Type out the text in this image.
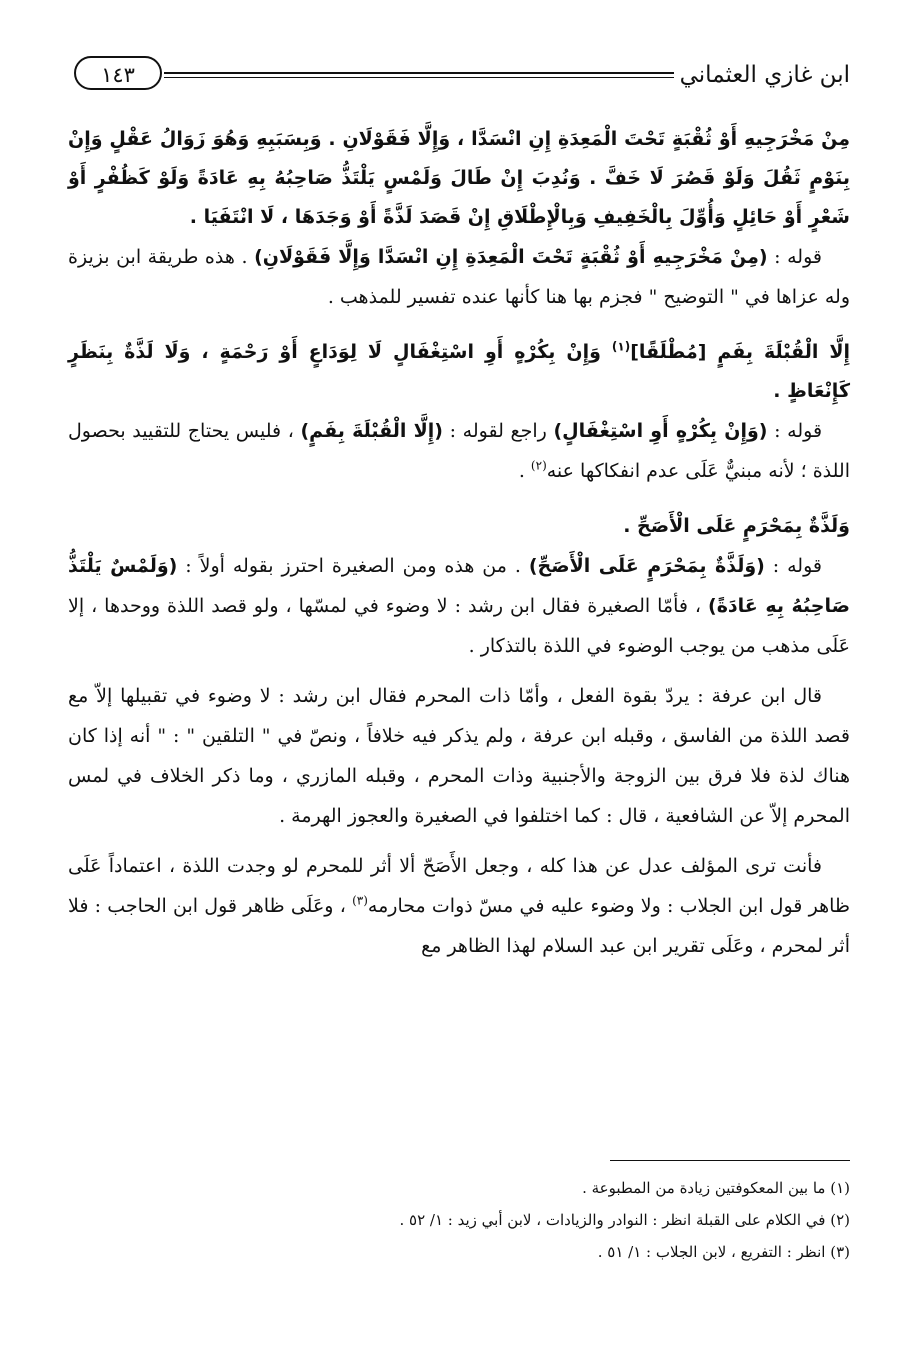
ابن غازي العثماني
١٤٣

مِنْ مَخْرَجِيهِ أَوْ ثُقْبَةٍ تَحْتَ الْمَعِدَةِ إِنِ انْسَدَّا ، وَإِلَّا فَقَوْلَانِ . وَبِسَبَبِهِ وَهُوَ زَوَالُ عَقْلٍ وَإِنْ بِنَوْمٍ ثَقُلَ وَلَوْ قَصُرَ لَا خَفَّ . وَنُدِبَ إِنْ طَالَ وَلَمْسٍ يَلْتَذُّ صَاحِبُهُ بِهِ عَادَةً وَلَوْ كَظُفْرٍ أَوْ شَعْرٍ أَوْ حَائِلٍ وَأُوِّلَ بِالْخَفِيفِ وَبِالْإِطْلَاقِ إِنْ قَصَدَ لَذَّةً أَوْ وَجَدَهَا ، لَا انْتَفَيَا .

قوله : (مِنْ مَخْرَجِيهِ أَوْ ثُقْبَةٍ تَحْتَ الْمَعِدَةِ إِنِ انْسَدَّا وَإِلَّا فَقَوْلَانِ) . هذه طريقة ابن بزيزة وله عزاها في " التوضيح " فجزم بها هنا كأنها عنده تفسير للمذهب .

إِلَّا الْقُبْلَةَ بِفَمٍ [مُطْلَقًا]$^{(١)}$ وَإِنْ بِكُرْهٍ أَوِ اسْتِغْفَالٍ لَا لِوَدَاعٍ أَوْ رَحْمَةٍ ، وَلَا لَذَّةٌ بِنَظَرٍ كَإِنْعَاظٍ .

قوله : (وَإِنْ بِكُرْهٍ أَوِ اسْتِغْفَالٍ) راجع لقوله : (إِلَّا الْقُبْلَةَ بِفَمٍ) ، فليس يحتاج للتقييد بحصول اللذة ؛ لأنه مبنيٌّ عَلَى عدم انفكاكها عنه$^{(٢)}$ .

وَلَذَّةٌ بِمَحْرَمٍ عَلَى الْأَصَحِّ .

قوله : (وَلَذَّةٌ بِمَحْرَمٍ عَلَى الْأَصَحِّ) . من هذه ومن الصغيرة احترز بقوله أولاً : (وَلَمْسٌ يَلْتَذُّ صَاحِبُهُ بِهِ عَادَةً) ، فأمّا الصغيرة فقال ابن رشد : لا وضوء في لمسّها ، ولو قصد اللذة ووحدها ، إلا عَلَى مذهب من يوجب الوضوء في اللذة بالتذكار .

قال ابن عرفة : يردّ بقوة الفعل ، وأمّا ذات المحرم فقال ابن رشد : لا وضوء في تقبيلها إلاّ مع قصد اللذة من الفاسق ، وقبله ابن عرفة ، ولم يذكر فيه خلافاً ، ونصّ في " التلقين " : " أنه إذا كان هناك لذة فلا فرق بين الزوجة والأجنبية وذات المحرم ، وقبله المازري ، وما ذكر الخلاف في لمس المحرم إلاّ عن الشافعية ، قال : كما اختلفوا في الصغيرة والعجوز الهرمة .

فأنت ترى المؤلف عدل عن هذا كله ، وجعل الأَصَحّ ألا أثر للمحرم لو وجدت اللذة ، اعتماداً عَلَى ظاهر قول ابن الجلاب : ولا وضوء عليه في مسّ ذوات محارمه$^{(٣)}$ ، وعَلَى ظاهر قول ابن الحاجب : فلا أثر لمحرم ، وعَلَى تقرير ابن عبد السلام لهذا الظاهر مع

(١) ما بين المعكوفتين زيادة من المطبوعة .

(٢) في الكلام على القبلة انظر : النوادر والزيادات ، لابن أبي زيد : ١/ ٥٢ .

(٣) انظر : التفريع ، لابن الجلاب : ١/ ٥١ .
